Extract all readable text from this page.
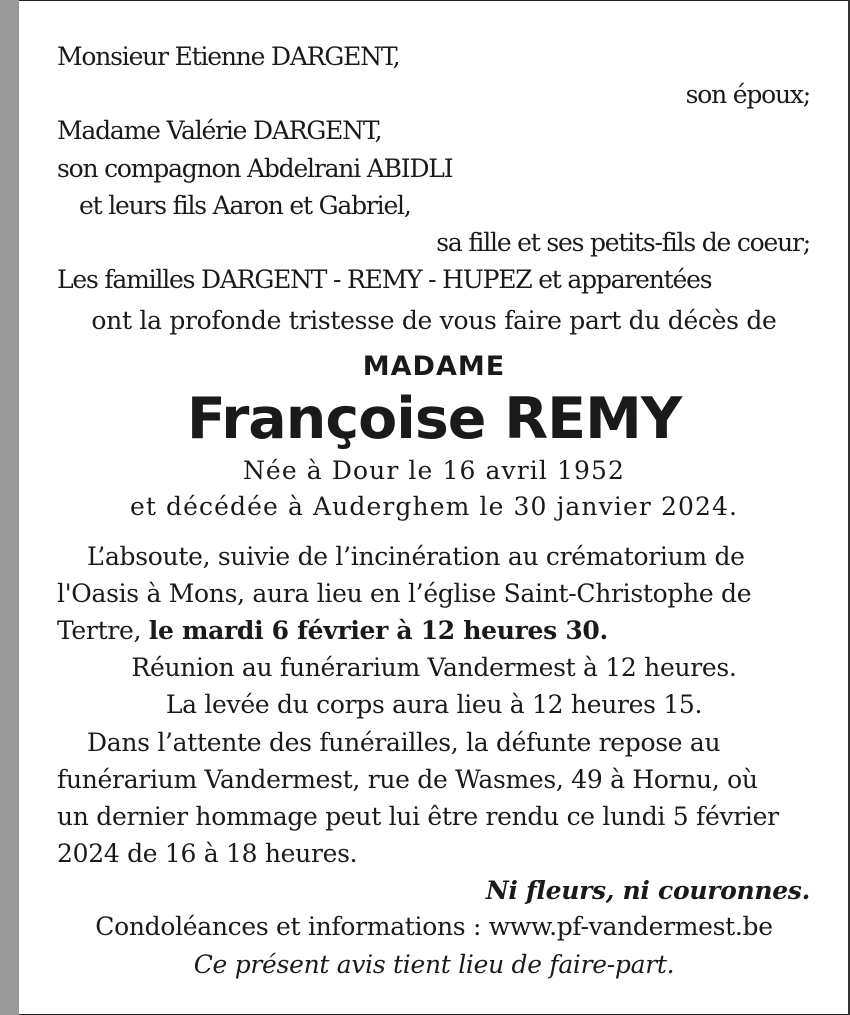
Monsieur Etienne DARGENT,
son époux;
Madame Valérie DARGENT,
son compagnon Abdelrani ABIDLI
et leurs fils Aaron et Gabriel,
sa fille et ses petits-fils de coeur;
Les familles DARGENT - REMY - HUPEZ et apparentées
ont la profonde tristesse de vous faire part du décès de
MADAME
Françoise REMY
Née à Dour le 16 avril 1952
et décédée à Auderghem le 30 janvier 2024.
L’absoute, suivie de l’incinération au crématorium de
l'Oasis à Mons, aura lieu en l’église Saint-Christophe de
Tertre, le mardi 6 février à 12 heures 30.
Réunion au funérarium Vandermest à 12 heures.
La levée du corps aura lieu à 12 heures 15.
Dans l’attente des funérailles, la défunte repose au
funérarium Vandermest, rue de Wasmes, 49 à Hornu, où
un dernier hommage peut lui être rendu ce lundi 5 février
2024 de 16 à 18 heures.
Ni fleurs, ni couronnes.
Condoléances et informations : www.pf-vandermest.be
Ce présent avis tient lieu de faire-part.
